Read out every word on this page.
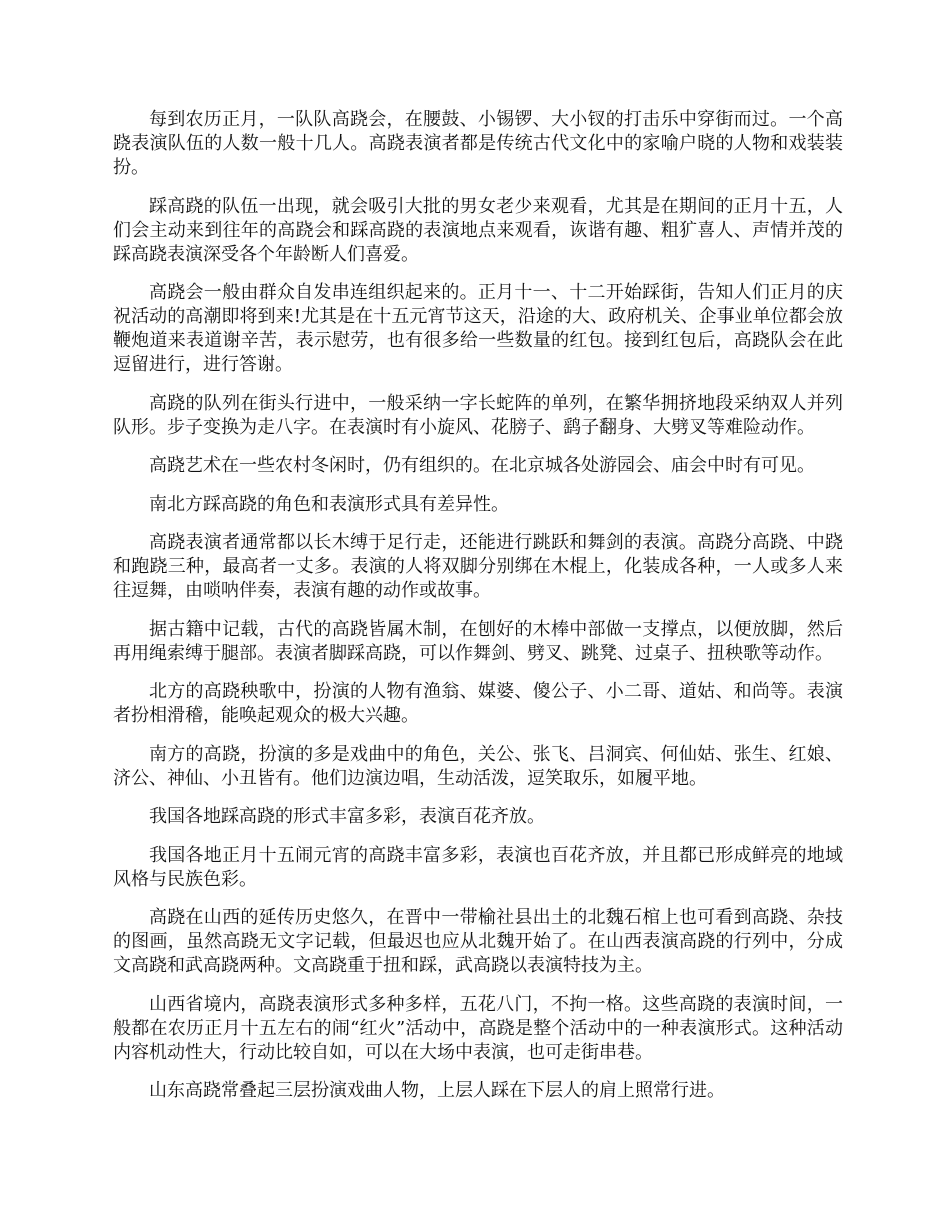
每到农历正月，一队队高跷会，在腰鼓、小锡锣、大小钗的打击乐中穿街而过。一个高跷表演队伍的人数一般十几人。高跷表演者都是传统古代文化中的家喻户晓的人物和戏装装扮。

踩高跷的队伍一出现，就会吸引大批的男女老少来观看，尤其是在期间的正月十五，人们会主动来到往年的高跷会和踩高跷的表演地点来观看，诙谐有趣、粗犷喜人、声情并茂的踩高跷表演深受各个年龄断人们喜爱。

高跷会一般由群众自发串连组织起来的。正月十一、十二开始踩街，告知人们正月的庆祝活动的高潮即将到来!尤其是在十五元宵节这天，沿途的大、政府机关、企事业单位都会放鞭炮道来表道谢辛苦，表示慰劳，也有很多给一些数量的红包。接到红包后，高跷队会在此逗留进行，进行答谢。

高跷的队列在街头行进中，一般采纳一字长蛇阵的单列，在繁华拥挤地段采纳双人并列队形。步子变换为走八字。在表演时有小旋风、花膀子、鹞子翻身、大劈叉等难险动作。

高跷艺术在一些农村冬闲时，仍有组织的。在北京城各处游园会、庙会中时有可见。

南北方踩高跷的角色和表演形式具有差异性。

高跷表演者通常都以长木缚于足行走，还能进行跳跃和舞剑的表演。高跷分高跷、中跷和跑跷三种，最高者一丈多。表演的人将双脚分别绑在木棍上，化装成各种，一人或多人来往逗舞，由唢呐伴奏，表演有趣的动作或故事。

据古籍中记载，古代的高跷皆属木制，在刨好的木棒中部做一支撑点，以便放脚，然后再用绳索缚于腿部。表演者脚踩高跷，可以作舞剑、劈叉、跳凳、过桌子、扭秧歌等动作。

北方的高跷秧歌中，扮演的人物有渔翁、媒婆、傻公子、小二哥、道姑、和尚等。表演者扮相滑稽，能唤起观众的极大兴趣。

南方的高跷，扮演的多是戏曲中的角色，关公、张飞、吕洞宾、何仙姑、张生、红娘、济公、神仙、小丑皆有。他们边演边唱，生动活泼，逗笑取乐，如履平地。

我国各地踩高跷的形式丰富多彩，表演百花齐放。

我国各地正月十五闹元宵的高跷丰富多彩，表演也百花齐放，并且都已形成鲜亮的地域风格与民族色彩。

高跷在山西的延传历史悠久，在晋中一带榆社县出土的北魏石棺上也可看到高跷、杂技的图画，虽然高跷无文字记载，但最迟也应从北魏开始了。在山西表演高跷的行列中，分成文高跷和武高跷两种。文高跷重于扭和踩，武高跷以表演特技为主。

山西省境内，高跷表演形式多种多样，五花八门，不拘一格。这些高跷的表演时间，一般都在农历正月十五左右的闹“红火”活动中，高跷是整个活动中的一种表演形式。这种活动内容机动性大，行动比较自如，可以在大场中表演，也可走街串巷。

山东高跷常叠起三层扮演戏曲人物，上层人踩在下层人的肩上照常行进。
